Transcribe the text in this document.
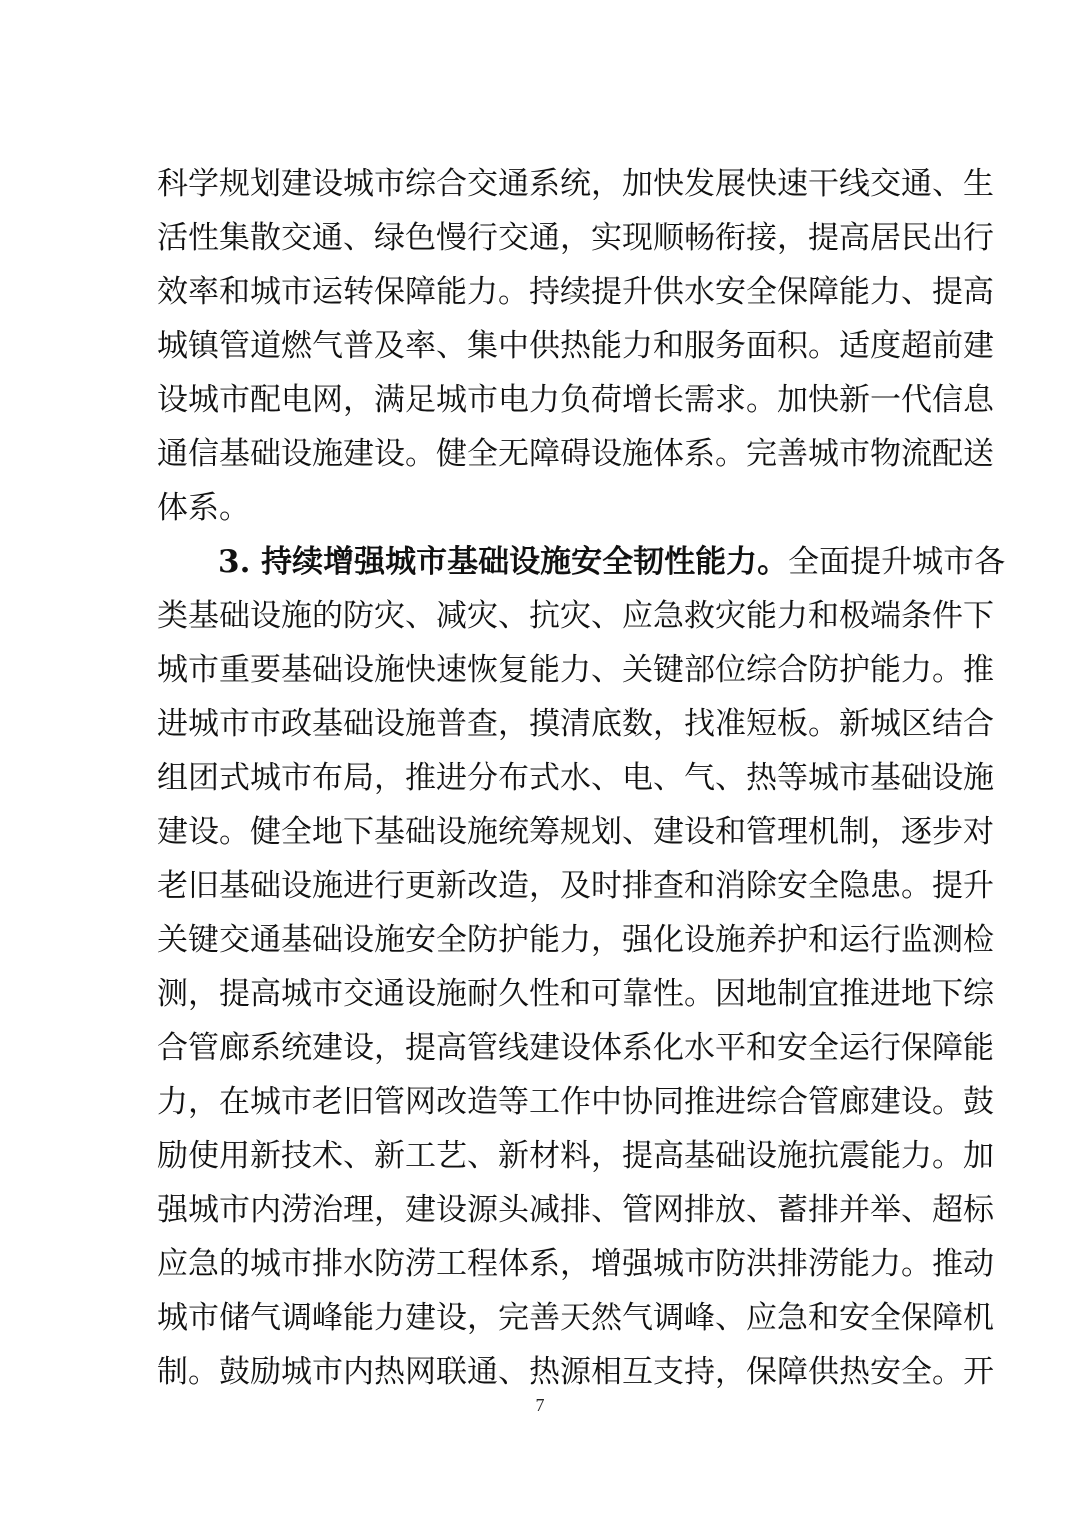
科学规划建设城市综合交通系统，加快发展快速干线交通、生
活性集散交通、绿色慢行交通，实现顺畅衔接，提高居民出行
效率和城市运转保障能力。持续提升供水安全保障能力、提高
城镇管道燃气普及率、集中供热能力和服务面积。适度超前建
设城市配电网，满足城市电力负荷增长需求。加快新一代信息
通信基础设施建设。健全无障碍设施体系。完善城市物流配送
体系。
3. 持续增强城市基础设施安全韧性能力。全面提升城市各
类基础设施的防灾、减灾、抗灾、应急救灾能力和极端条件下
城市重要基础设施快速恢复能力、关键部位综合防护能力。推
进城市市政基础设施普查，摸清底数，找准短板。新城区结合
组团式城市布局，推进分布式水、电、气、热等城市基础设施
建设。健全地下基础设施统筹规划、建设和管理机制，逐步对
老旧基础设施进行更新改造，及时排查和消除安全隐患。提升
关键交通基础设施安全防护能力，强化设施养护和运行监测检
测，提高城市交通设施耐久性和可靠性。因地制宜推进地下综
合管廊系统建设，提高管线建设体系化水平和安全运行保障能
力，在城市老旧管网改造等工作中协同推进综合管廊建设。鼓
励使用新技术、新工艺、新材料，提高基础设施抗震能力。加
强城市内涝治理，建设源头减排、管网排放、蓄排并举、超标
应急的城市排水防涝工程体系，增强城市防洪排涝能力。推动
城市储气调峰能力建设，完善天然气调峰、应急和安全保障机
制。鼓励城市内热网联通、热源相互支持，保障供热安全。开
7
